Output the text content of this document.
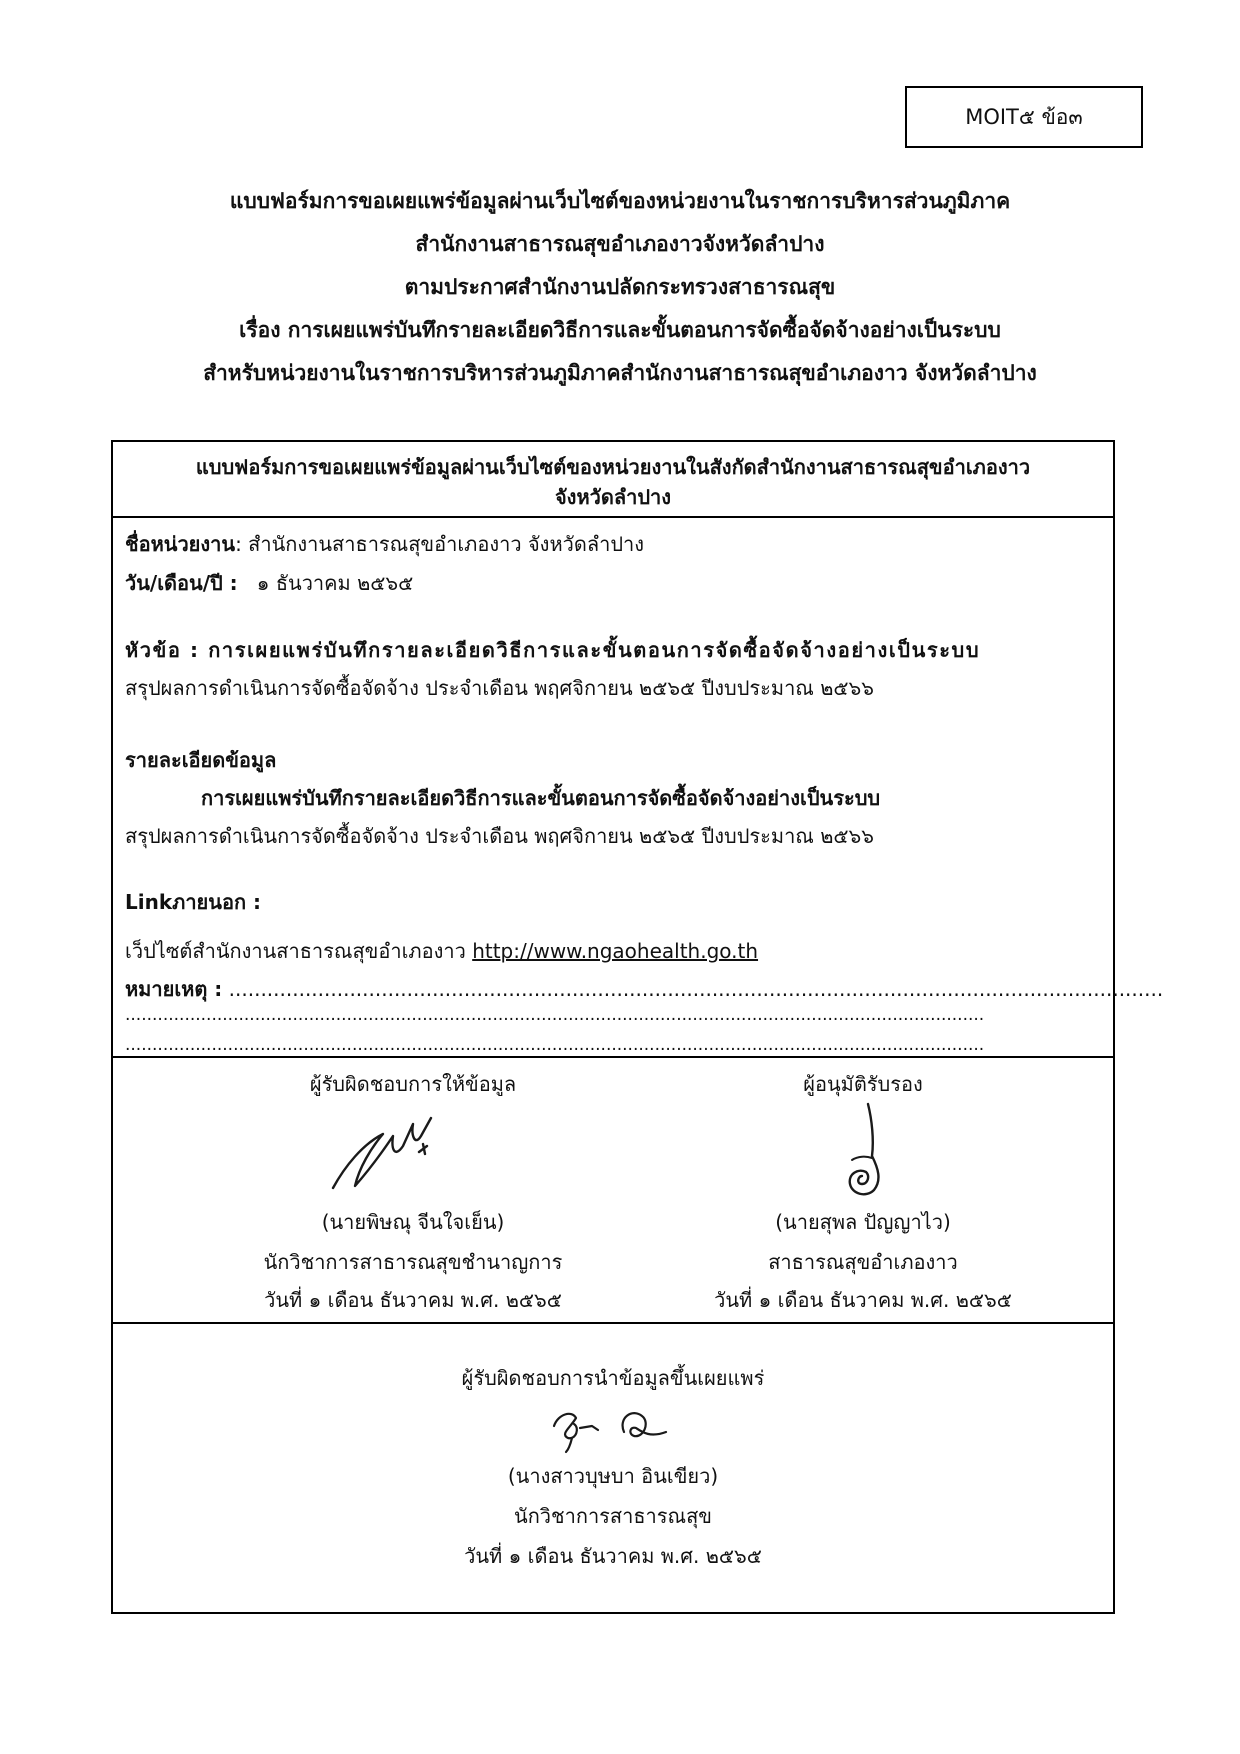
MOIT๕ ข้อ๓
แบบฟอร์มการขอเผยแพร่ข้อมูลผ่านเว็บไซต์ของหน่วยงานในราชการบริหารส่วนภูมิภาค
สำนักงานสาธารณสุขอำเภองาวจังหวัดลำปาง
ตามประกาศสำนักงานปลัดกระทรวงสาธารณสุข
เรื่อง การเผยแพร่บันทึกรายละเอียดวิธีการและขั้นตอนการจัดซื้อจัดจ้างอย่างเป็นระบบ
สำหรับหน่วยงานในราชการบริหารส่วนภูมิภาคสำนักงานสาธารณสุขอำเภองาว จังหวัดลำปาง
แบบฟอร์มการขอเผยแพร่ข้อมูลผ่านเว็บไซต์ของหน่วยงานในสังกัดสำนักงานสาธารณสุขอำเภองาว
จังหวัดลำปาง
ชื่อหน่วยงาน: สำนักงานสาธารณสุขอำเภองาว จังหวัดลำปาง
วัน/เดือน/ปี : ๑ ธันวาคม ๒๕๖๕
หัวข้อ : การเผยแพร่บันทึกรายละเอียดวิธีการและขั้นตอนการจัดซื้อจัดจ้างอย่างเป็นระบบ
สรุปผลการดำเนินการจัดซื้อจัดจ้าง ประจำเดือน พฤศจิกายน ๒๕๖๕ ปีงบประมาณ ๒๕๖๖
รายละเอียดข้อมูล
การเผยแพร่บันทึกรายละเอียดวิธีการและขั้นตอนการจัดซื้อจัดจ้างอย่างเป็นระบบ
สรุปผลการดำเนินการจัดซื้อจัดจ้าง ประจำเดือน พฤศจิกายน ๒๕๖๕ ปีงบประมาณ ๒๕๖๖
Linkภายนอก :
เว็ปไซต์สำนักงานสาธารณสุขอำเภองาว http://www.ngaohealth.go.th
หมายเหตุ : ...................................................................................................................................................
...............................................................................................................................................................
...............................................................................................................................................................
ผู้รับผิดชอบการให้ข้อมูล
(นายพิษณุ จีนใจเย็น)
นักวิชาการสาธารณสุขชำนาญการ
วันที่ ๑ เดือน ธันวาคม พ.ศ. ๒๕๖๕
ผู้อนุมัติรับรอง
(นายสุพล ปัญญาไว)
สาธารณสุขอำเภองาว
วันที่ ๑ เดือน ธันวาคม พ.ศ. ๒๕๖๕
ผู้รับผิดชอบการนำข้อมูลขึ้นเผยแพร่
(นางสาวบุษบา อินเขียว)
นักวิชาการสาธารณสุข
วันที่ ๑ เดือน ธันวาคม พ.ศ. ๒๕๖๕
